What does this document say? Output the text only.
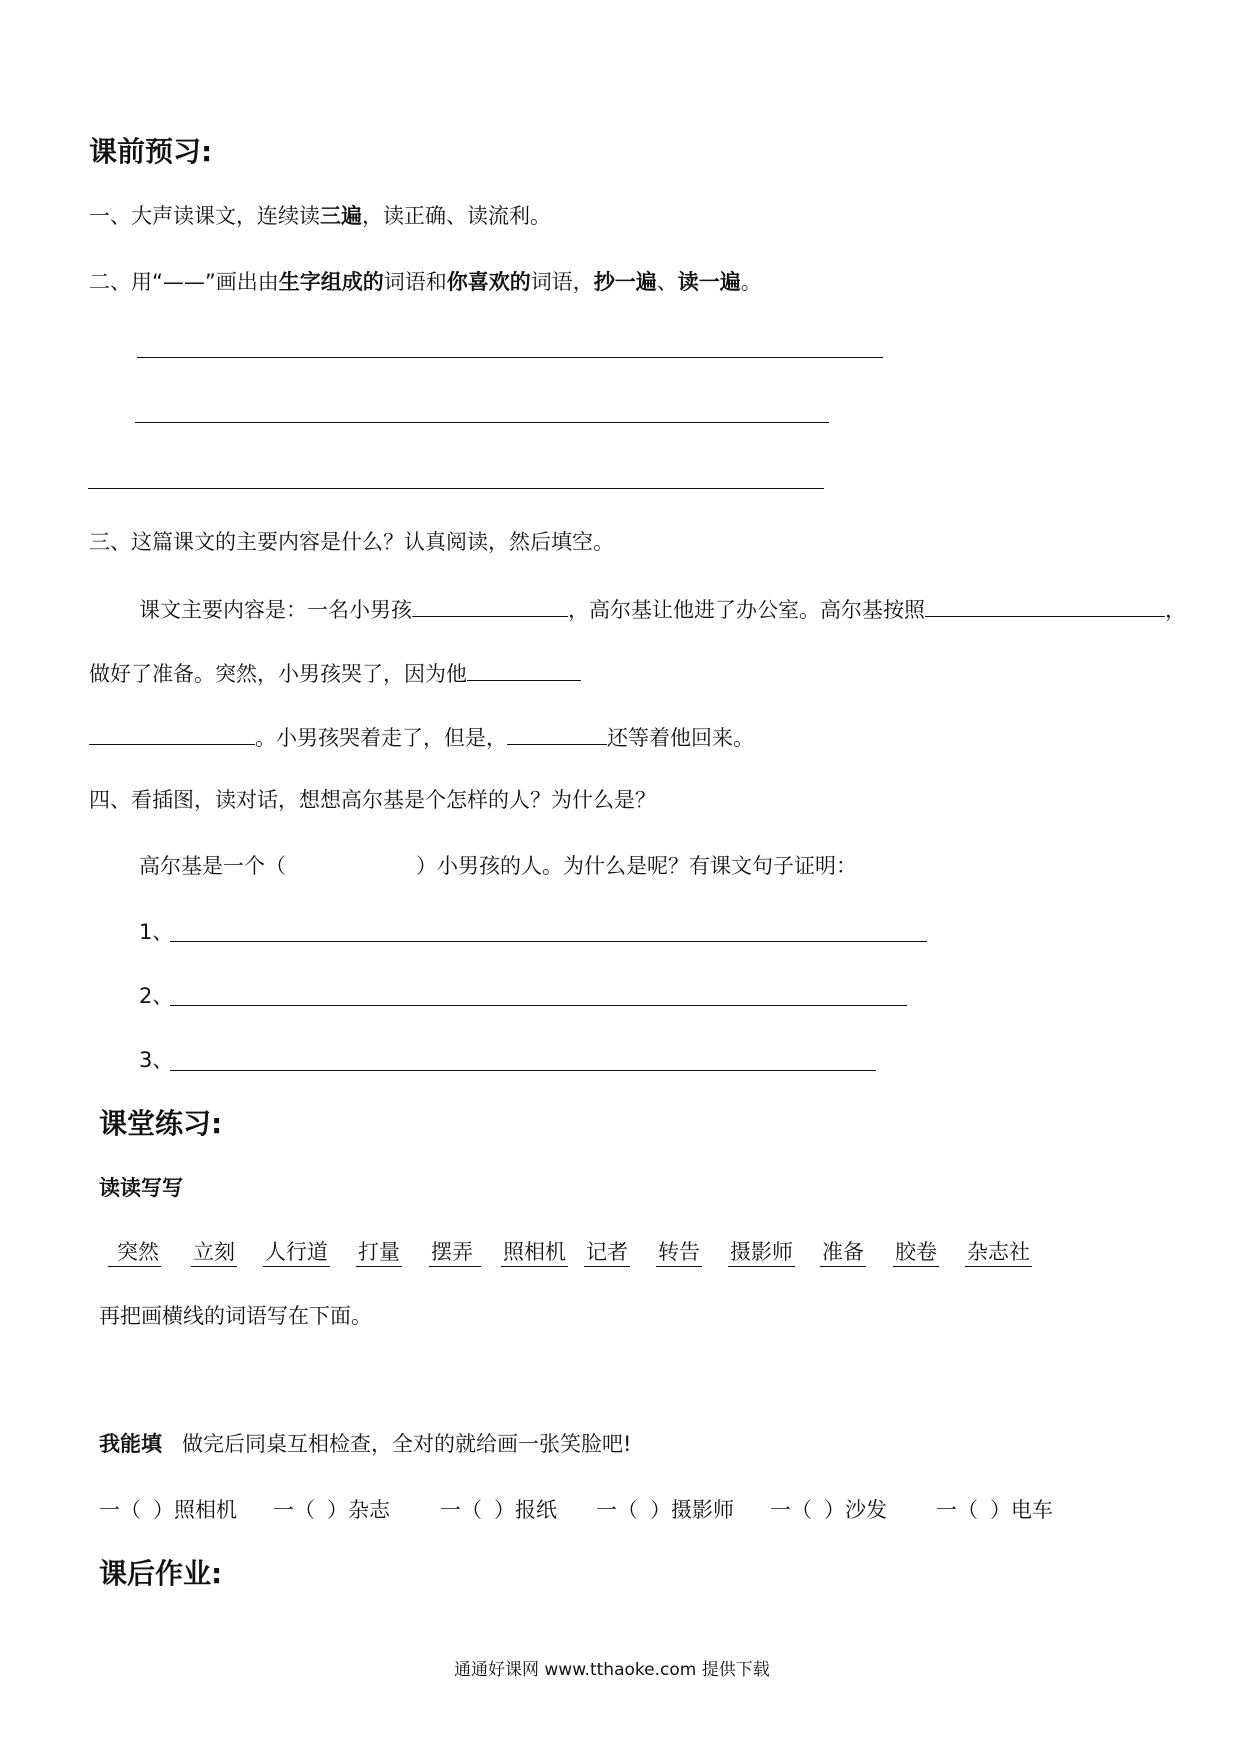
课前预习:
一、大声读课文，连续读三遍，读正确、读流利。
二、用“——”画出由生字组成的词语和你喜欢的词语，抄一遍、读一遍。
三、这篇课文的主要内容是什么？认真阅读，然后填空。
课文主要内容是：一名小男孩	，高尔基让他进了办公室。高尔基按照	，
做好了准备。突然，小男孩哭了，因为他
。小男孩哭着走了，但是，	还等着他回来。
四、看插图，读对话，想想高尔基是个怎样的人？为什么是？
高尔基是一个（	）小男孩的人。为什么是呢？有课文句子证明：
1、
2、
3、
课堂练习:
读读写写
突然 立刻 人行道 打量 摆弄	照相机 记者 转告 摄影师 准备 胶卷 杂志社
再把画横线的词语写在下面。
我能填 做完后同桌互相检查，全对的就给画一张笑脸吧!
一（ ）照相机 一（ ）杂志 一（ ）报纸 一（ ）摄影师 一（ ）沙发 一（ ）电车
课后作业:
通通好课网 www.tthaoke.com 提供下载
